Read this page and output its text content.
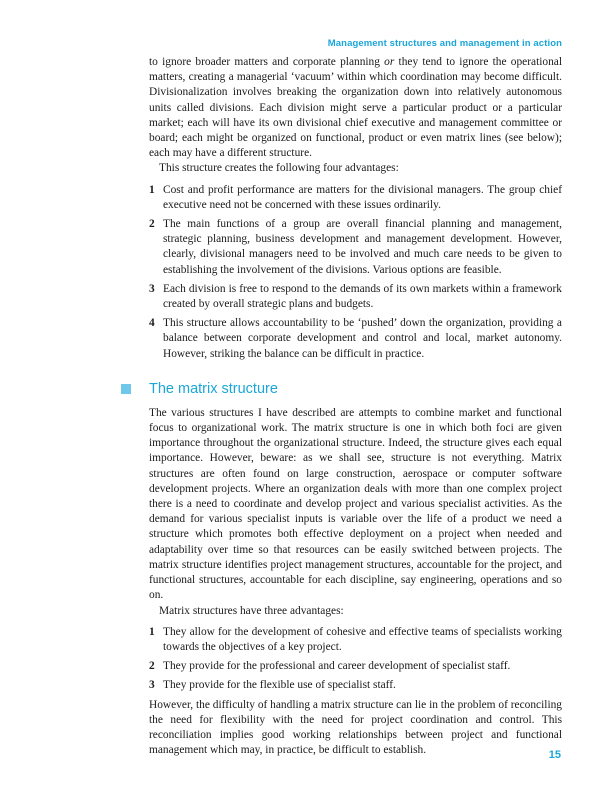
Management structures and management in action

to ignore broader matters and corporate planning or they tend to ignore the operational matters, creating a managerial ‘vacuum’ within which coordination may become difficult. Divisionalization involves breaking the organization down into relatively autonomous units called divisions. Each division might serve a particular product or a particular market; each will have its own divisional chief executive and management committee or board; each might be organized on functional, product or even matrix lines (see below); each may have a different structure.

This structure creates the following four advantages:

1 Cost and profit performance are matters for the divisional managers. The group chief executive need not be concerned with these issues ordinarily.
2 The main functions of a group are overall financial planning and management, strategic planning, business development and management development. However, clearly, divisional managers need to be involved and much care needs to be given to establishing the involvement of the divisions. Various options are feasible.
3 Each division is free to respond to the demands of its own markets within a framework created by overall strategic plans and budgets.
4 This structure allows accountability to be ‘pushed’ down the organization, providing a balance between corporate development and control and local, market autonomy. However, striking the balance can be difficult in practice.
The matrix structure

The various structures I have described are attempts to combine market and functional focus to organizational work. The matrix structure is one in which both foci are given importance throughout the organizational structure. Indeed, the structure gives each equal importance. However, beware: as we shall see, structure is not everything. Matrix structures are often found on large construction, aerospace or computer software development projects. Where an organization deals with more than one complex project there is a need to coordinate and develop project and various specialist activities. As the demand for various specialist inputs is variable over the life of a product we need a structure which promotes both effective deployment on a project when needed and adaptability over time so that resources can be easily switched between projects. The matrix structure identifies project management structures, accountable for the project, and functional structures, accountable for each discipline, say engineering, operations and so on.

Matrix structures have three advantages:

1 They allow for the development of cohesive and effective teams of specialists working towards the objectives of a key project.
2 They provide for the professional and career development of specialist staff.
3 They provide for the flexible use of specialist staff.

However, the difficulty of handling a matrix structure can lie in the problem of reconciling the need for flexibility with the need for project coordination and control. This reconciliation implies good working relationships between project and functional management which may, in practice, be difficult to establish.	15
